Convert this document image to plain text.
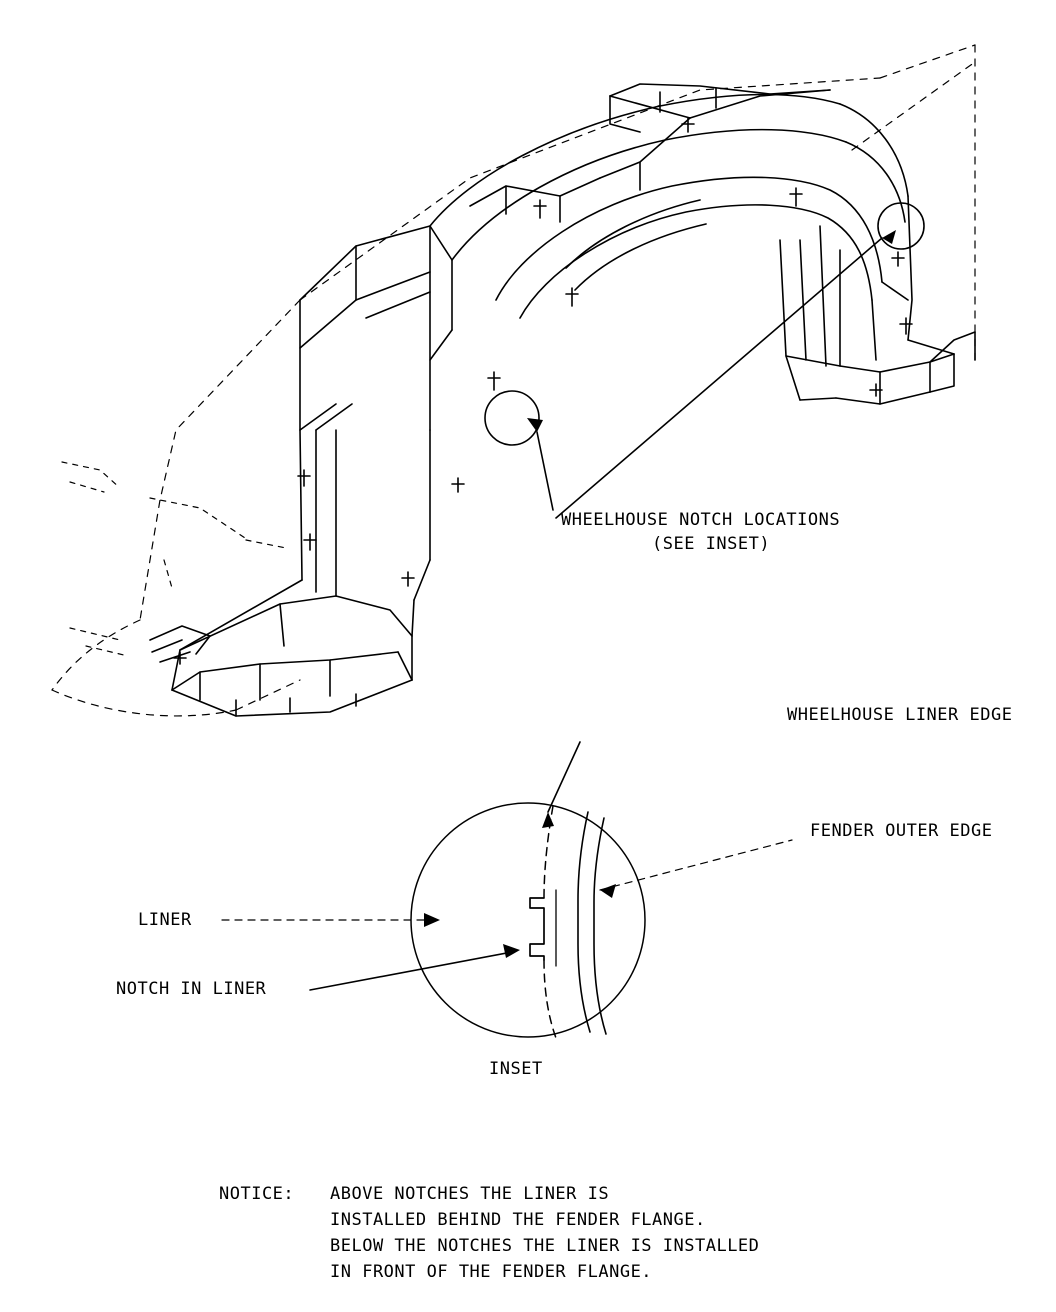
WHEELHOUSE NOTCH LOCATIONS
(SEE INSET)
WHEELHOUSE LINER EDGE
FENDER OUTER EDGE
LINER
NOTCH IN LINER
INSET
NOTICE: ABOVE NOTCHES THE LINER IS
INSTALLED BEHIND THE FENDER FLANGE.
BELOW THE NOTCHES THE LINER IS INSTALLED
IN FRONT OF THE FENDER FLANGE.
